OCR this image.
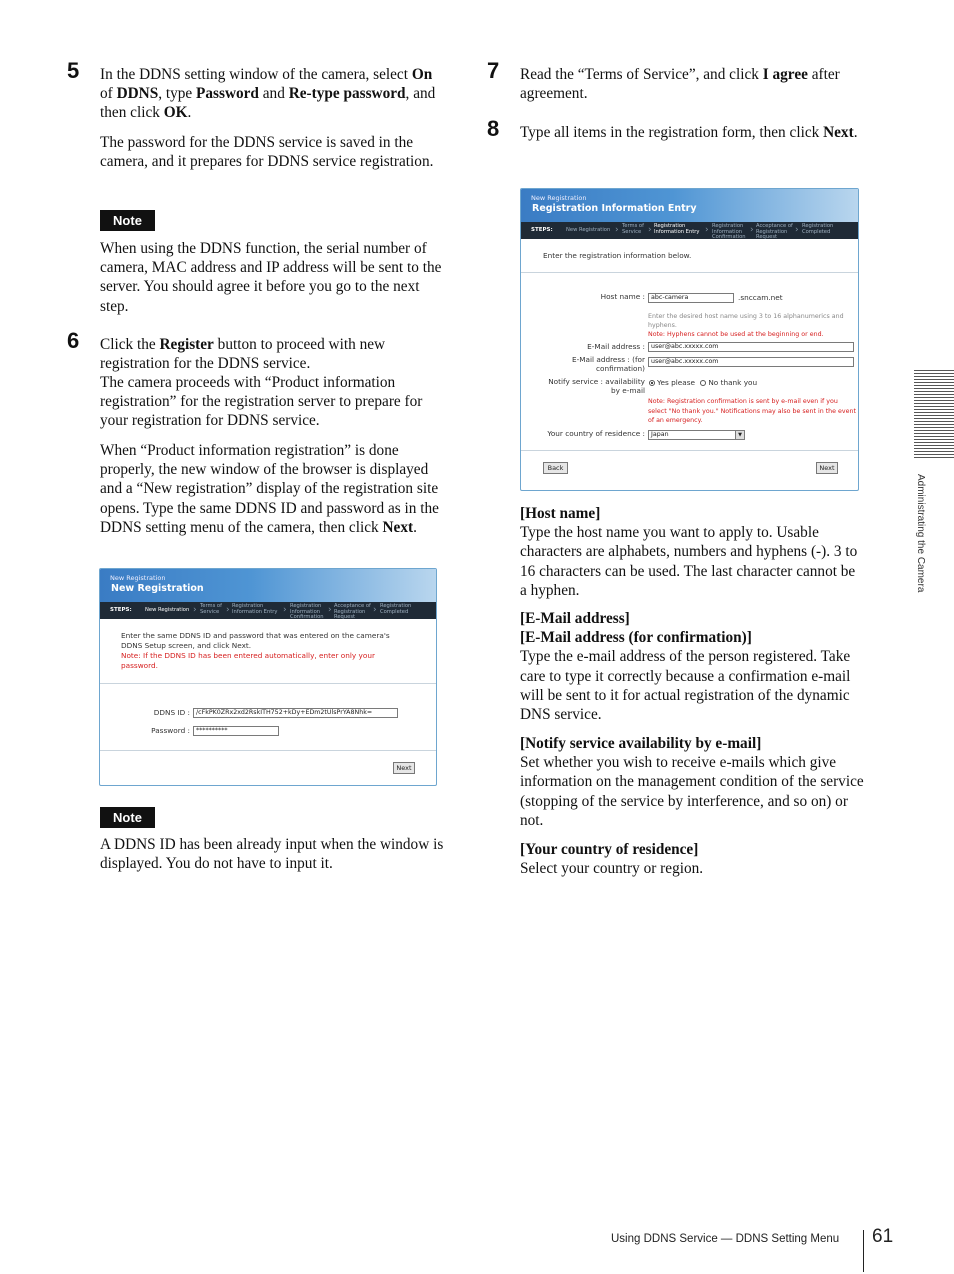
5 In the DDNS setting window of the camera, select On of DDNS, type Password and Re-type password, and then click OK.
The password for the DDNS service is saved in the camera, and it prepares for DDNS service registration.
Note
When using the DDNS function, the serial number of camera, MAC address and IP address will be sent to the server. You should agree it before you go to the next step.
6 Click the Register button to proceed with new registration for the DDNS service.
The camera proceeds with “Product information registration” for the registration server to prepare for your registration for DDNS service.
When “Product information registration” is done properly, the new window of the browser is displayed and a “New registration” display of the registration site opens. Type the same DDNS ID and password as in the DDNS setting menu of the camera, then click Next.
New Registration
New Registration
STEPS:	New Registration › Terms of Service › Registration Information Entry › Registration Information Confirmation
› Acceptance of Registration Request
› Registration Completed
Enter the same DDNS ID and password that was entered on the camera's DDNS Setup screen, and click Next.
Note: If the DDNS ID has been entered automatically, enter only your password.
DDNS ID : /cFkPK0ZRx2xd2RskITH752+kDy+EDm2tUlsPrYA8Nhk=
Password : **********
Next
Note
A DDNS ID has been already input when the window is displayed. You do not have to input it.
7 Read the “Terms of Service”, and click I agree after agreement.
8 Type all items in the registration form, then click Next.
New Registration
Registration Information Entry
STEPS:	New Registration › Terms of Service › Registration Information Entry › Registration Information Confirmation
› Acceptance of Registration Request
› Registration Completed
Enter the registration information below.
Host name : abc-camera	.snccam.net
Enter the desired host name using 3 to 16 alphanumerics and hyphens.
Note: Hyphens cannot be used at the beginning or end.
E-Mail address : user@abc.xxxxx.com
E-Mail address : (for confirmation)
user@abc.xxxxx.com
Notify service : availability by e-mail
Yes please No thank you
Note: Registration confirmation is sent by e-mail even if you select "No thank you." Notifications may also be sent in the event of an emergency.
Your country of residence : Japan	▼
Back	Next
[Host name]
Type the host name you want to apply to. Usable characters are alphabets, numbers and hyphens (-). 3 to 16 characters can be used. The last character cannot be a hyphen.
[E-Mail address]
[E-Mail address (for confirmation)]
Type the e-mail address of the person registered. Take care to type it correctly because a confirmation e-mail will be sent to it for actual registration of the dynamic DNS service.
[Notify service availability by e-mail]
Set whether you wish to receive e-mails which give information on the management condition of the service (stopping of the service by interference, and so on) or not.
[Your country of residence]
Select your country or region.
Administrating the Camera
Using DDNS Service — DDNS Setting Menu 61
